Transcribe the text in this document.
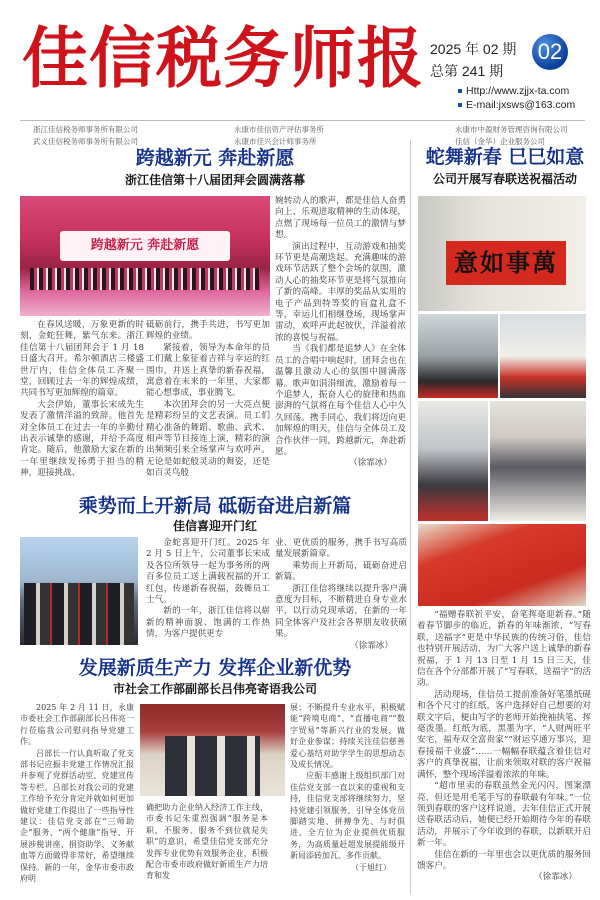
佳信税务师报 2025 年 02 期
总第 241 期
02
Http://www.zjjx-ta.com
E-mail:jxsws@163.com
浙江佳信税务师事务所有限公司
武义佳信税务师事务所有限公司
永康市佳信资产评估事务所
永康市佳兴会计师事务所
永康市中盈财务管理咨询有限公司
佳信（金华）企业服务公司
跨越新元 奔赴新愿
浙江佳信第十八届团拜会圆满落幕
跨越新元 奔赴新愿

在春风送暖，万象更新的时刻，金蛇狂舞，紫气东来。浙江佳信第十八届团拜会于 1 月 18 日盛大召开。希尔顿酒店三楼盛世厅内，佳信全体员工齐聚一堂，回顾过去一年的辉煌成绩，共同书写更加辉煌的篇章。

大会伊始，董事长宋成先生发表了激情洋溢的致辞。他首先对全体员工在过去一年的辛勤付出表示诚挚的感谢，并给予高度肯定。随后，他激励大家在新的一年里继续发扬勇于担当的精神，迎接挑战、

砥砺前行，携手共进，书写更加辉煌的业绩。

紧接着，领导为本命年的员工们戴上象征着吉祥与幸运的红围巾，并送上真挚的新春祝福，寓意着在未来的一年里，大家都能心想事成，事业腾飞。

本次团拜会的另一大亮点便是精彩纷呈的文艺表演。员工们精心准备的舞蹈、歌曲、武术、相声等节目接连上演，精彩的演出频频引来全场掌声与欢呼声。无论是如蛇般灵动的舞姿，还是如百灵鸟般

婉转动人的歌声，都是佳信人奋勇向上、乐观进取精神的生动体现，点燃了现场每一位员工的激情与梦想。

演出过程中，互动游戏和抽奖环节更是高潮迭起。充满趣味的游戏环节活跃了整个会场的氛围，激动人心的抽奖环节更是将气氛推向了新的高峰。丰厚的奖品从实用的电子产品到特等奖的盲盒礼盒不等，幸运儿们相继登场，现场掌声雷动，欢呼声此起彼伏，洋溢着浓浓的喜悦与祝福。

当《我们都是追梦人》在全体员工的合唱中响起时，团拜会也在温馨且激动人心的氛围中圆满落幕。歌声如涓涓细流，激励着每一个追梦人，振奋人心的旋律和热血澎湃的气氛将在每个佳信人心中久久回荡。携手同心，我们将迈向更加辉煌的明天，佳信与全体员工及合作伙伴一同，跨越新元，奔赴新愿。

（徐霏冰）

乘势而上开新局 砥砺奋进启新篇
佳信喜迎开门红

金蛇喜迎开门红。2025 年 2 月 5 日上午，公司董事长宋成及各位所领导一起为事务所的两百多位员工送上满载祝福的开工红包，传递新春祝福，鼓舞员工士气。

新的一年，浙江佳信将以崭新的精神面貌、饱满的工作热情，为客户提供更专

业、更优质的服务，携手书写高质量发展新篇章。

乘势而上开新局，砥砺奋进启新篇。

浙江佳信将继续以提升客户满意度为目标，不断精进自身专业水平，以行动兑现承诺，在新的一年同全体客户及社会各界朋友收获硕果。

（徐霏冰）

发展新质生产力 发挥企业新优势
市社会工作部副部长吕伟亮寄语我公司

2025 年 2 月 11 日，永康市委社会工作部副部长吕伟亮一行莅临我公司慰问指导党建工作。

吕部长一行认真听取了党支部书记应振丰党建工作情况汇报并参观了党群活动室、党建宣传等专栏。吕部长对我公司的党建工作给予充分肯定并就如何更加做好党建工作提出了一些指导性建议：佳信党支部在“三师助企”服务、“两个健康”指导、开展涉税讲座、捐资助学、义务献血等方面做得非常好，希望继续保持。新的一年，金华市委市政府明

确把助力企业纳入经济工作主线，市委书记朱重烈强调“服务是本职，不服务、服务不到位就是失职”的意识，希望佳信党支部充分发挥专业优势有效服务企业，积极配合市委市政府做好新质生产力培育和发

展；不断提升专业水平，积极赋能“跨境电商”、“直播电商”“数字贸易”等新兴行业的发展，做好企业参谋；持续关注佳信慈善爱心基结对助学学生的思想动态及成长情况。

应振丰感谢上级组织部门对佳信党支部一直以来的重视和支持，佳信党支部将继续努力，坚持党建引领服务，引导全体党员脚踏实地、拼搏争先、与时俱进，全方位为企业提供优质服务，为高质量赶超发展提能级开新局添砖加瓦、多作贡献。

（于旭红）

蛇舞新春 巳巳如意
公司开展写春联送祝福活动
萬事如意

“福赠春联祈平安，奋笔挥毫迎新春。”随着春节脚步的临近，新春的年味渐浓，“写春联，送福字”更是中华民族的传统习俗，佳信也特别开展活动，为广大客户送上诚挚的新春祝福，于 1 月 13 日至 1 月 15 日三天，佳信在各个分部都开展了“写春联，送福字”的活动。

活动现场，佳信员工提前准备好笔墨纸砚和各个尺寸的红纸，客户选择好自己想要的对联文字后，便由写字的老师开始挽袖执笔、挥毫泼墨。红纸为底，黑墨为字，“人财两旺平安宅，福寿双全富贵家”“财运亨通万事兴，迎春接福千业盛”……一幅幅春联蕴含着佳信对客户的真挚祝福，让前来领取对联的客户祝福满怀，整个现场洋溢着浓浓的年味。

“超市里卖的春联虽然金光闪闪，图案漂亮，但还是用毛笔手写的春联最有年味。”一位领到春联的客户这样说道，去年佳信正式开展送春联活动后，她便已经开始期待今年的春联活动，并展示了今年收到的春联，以新联开启新一年。

佳信在新的一年里也会以更优质的服务回馈客户。

（徐霏冰）
